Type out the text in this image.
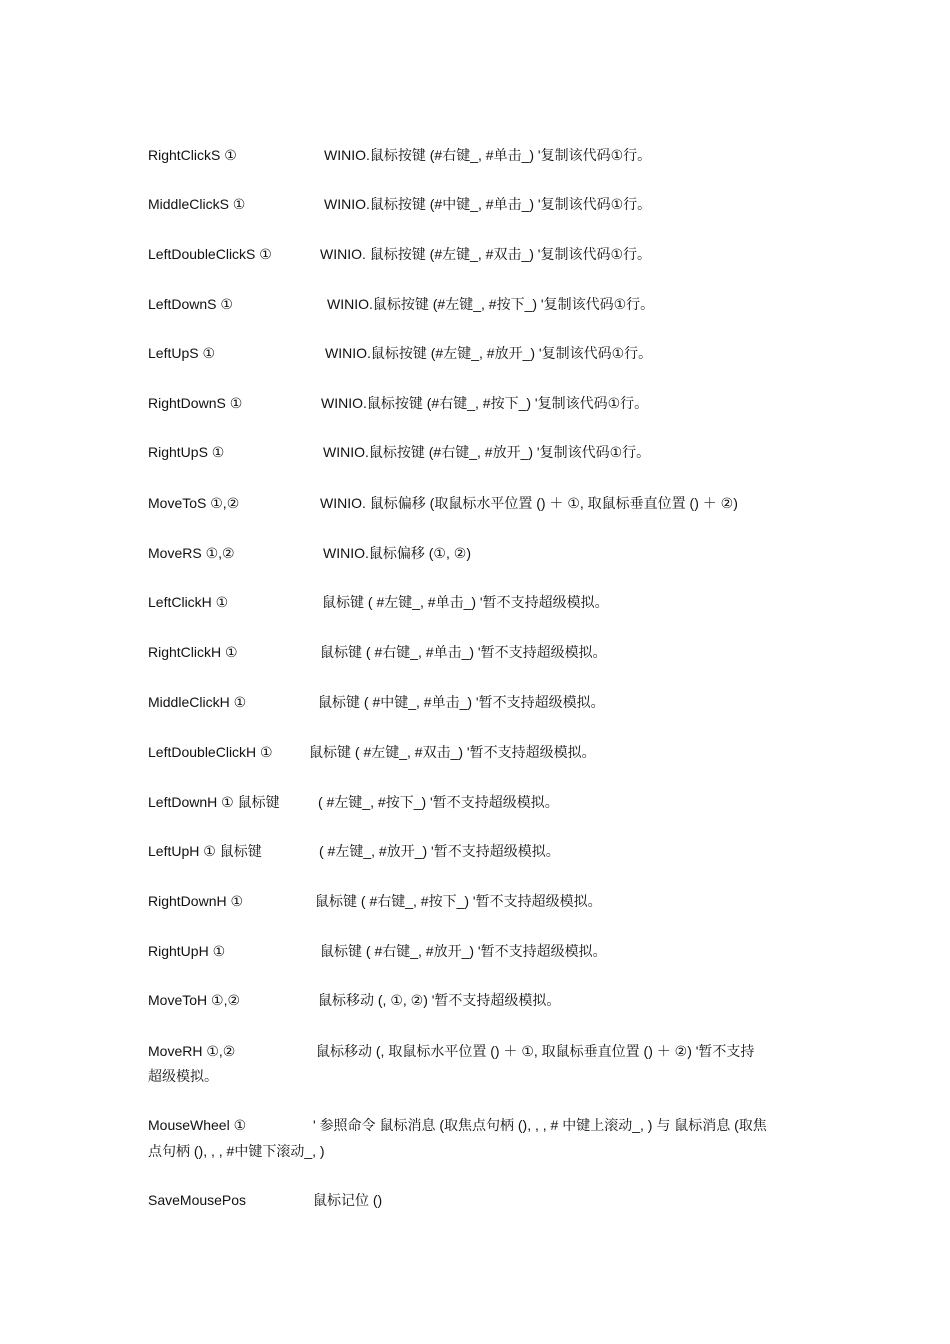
RightClickS ①	WINIO.鼠标按键 (#右键_, #单击_) '复制该代码①行。
MiddleClickS ①	WINIO.鼠标按键 (#中键_, #单击_) '复制该代码①行。
LeftDoubleClickS ①	WINIO. 鼠标按键 (#左键_, #双击_) '复制该代码①行。
LeftDownS ①	WINIO.鼠标按键 (#左键_, #按下_) '复制该代码①行。
LeftUpS ①	WINIO.鼠标按键 (#左键_, #放开_) '复制该代码①行。
RightDownS ①	WINIO.鼠标按键 (#右键_, #按下_) '复制该代码①行。
RightUpS ①	WINIO.鼠标按键 (#右键_, #放开_) '复制该代码①行。
MoveToS ①,②	WINIO. 鼠标偏移 (取鼠标水平位置 () ＋ ①, 取鼠标垂直位置 () ＋ ②)
MoveRS ①,②	WINIO.鼠标偏移 (①, ②)
LeftClickH ①	鼠标键 ( #左键_, #单击_) '暂不支持超级模拟。
RightClickH ①	鼠标键 ( #右键_, #单击_) '暂不支持超级模拟。
MiddleClickH ①	鼠标键 ( #中键_, #单击_) '暂不支持超级模拟。
LeftDoubleClickH ①	鼠标键 ( #左键_, #双击_) '暂不支持超级模拟。
LeftDownH ① 鼠标键	( #左键_, #按下_) '暂不支持超级模拟。
LeftUpH ① 鼠标键	( #左键_, #放开_) '暂不支持超级模拟。
RightDownH ①	鼠标键 ( #右键_, #按下_) '暂不支持超级模拟。
RightUpH ①	鼠标键 ( #右键_, #放开_) '暂不支持超级模拟。
MoveToH ①,②	鼠标移动 (, ①, ②) '暂不支持超级模拟。
MoveRH ①,②	鼠标移动 (, 取鼠标水平位置 () ＋ ①, 取鼠标垂直位置 () ＋ ②) '暂不支持
超级模拟。
MouseWheel ①	' 参照命令 鼠标消息 (取焦点句柄 (), , , # 中键上滚动_, ) 与 鼠标消息 (取焦
点句柄 (), , , #中键下滚动_, )
SaveMousePos	鼠标记位 ()
